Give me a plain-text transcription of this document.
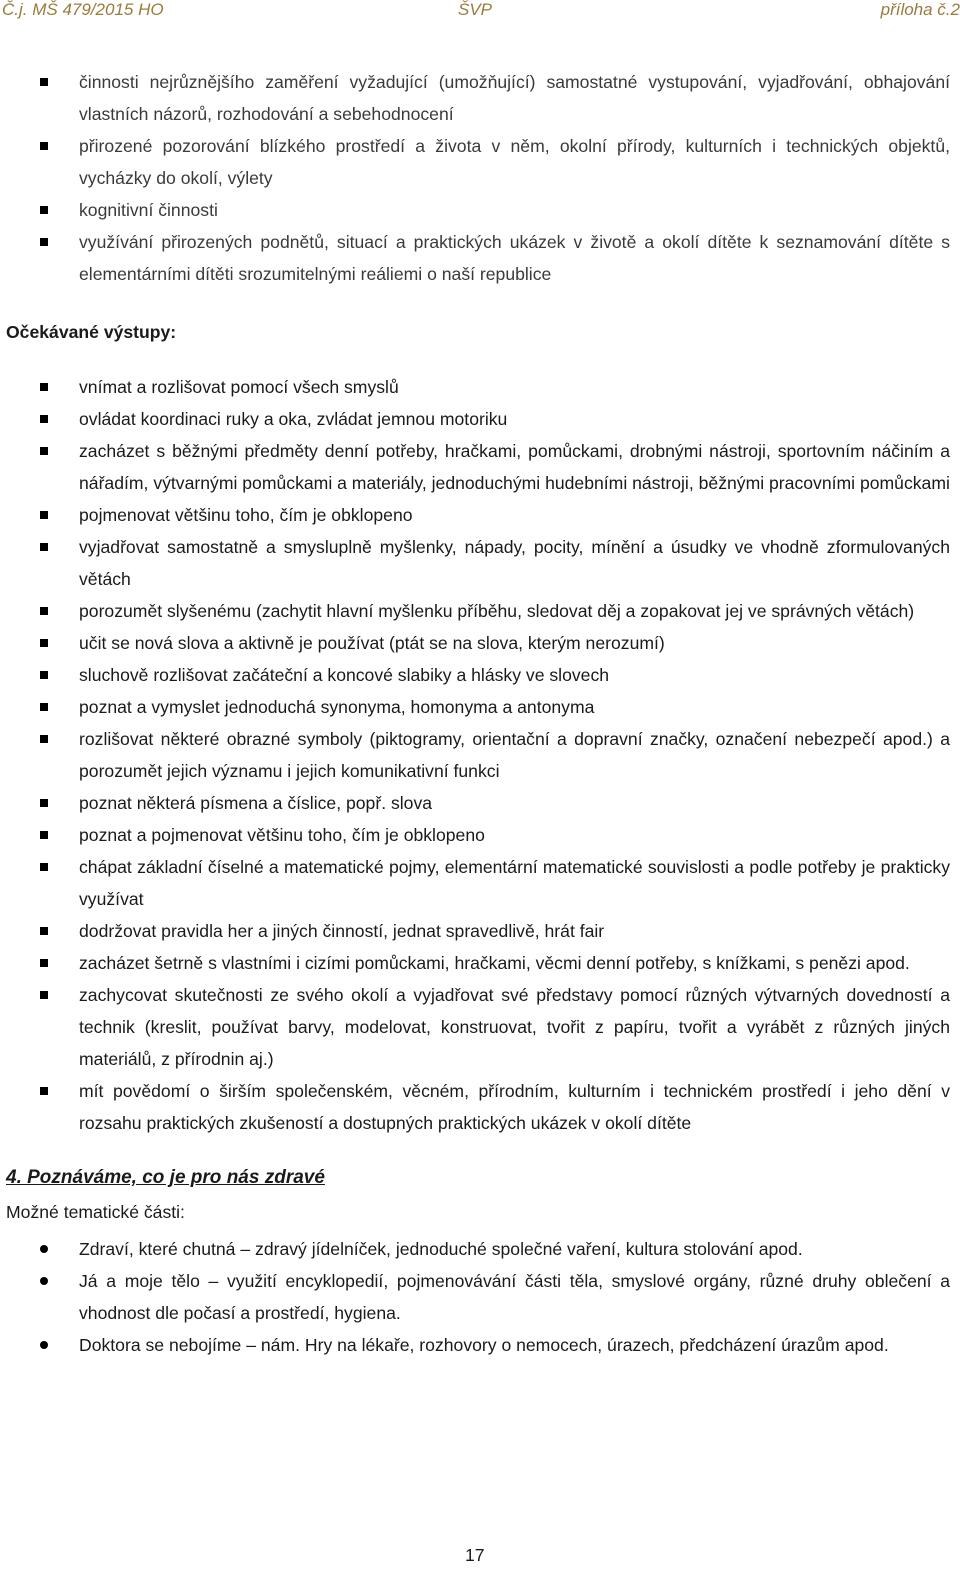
Č.j. MŠ 479/2015 HO	ŠVP	příloha č.2
činnosti nejrůznějšího zaměření vyžadující (umožňující) samostatné vystupování, vyjadřování, obhajování vlastních názorů, rozhodování a sebehodnocení
přirozené pozorování blízkého prostředí a života v něm, okolní přírody, kulturních i technických objektů, vycházky do okolí, výlety
kognitivní činnosti
využívání přirozených podnětů, situací a praktických ukázek v životě a okolí dítěte k seznamování dítěte s elementárními dítěti srozumitelnými reáliemi o naší republice
Očekávané výstupy:
vnímat a rozlišovat pomocí všech smyslů
ovládat koordinaci ruky a oka, zvládat jemnou motoriku
zacházet s běžnými předměty denní potřeby, hračkami, pomůckami, drobnými nástroji, sportovním náčiním a nářadím, výtvarnými pomůckami a materiály, jednoduchými hudebními nástroji, běžnými pracovními pomůckami
pojmenovat většinu toho, čím je obklopeno
vyjadřovat samostatně a smysluplně myšlenky, nápady, pocity, mínění a úsudky ve vhodně zformulovaných větách
porozumět slyšenému (zachytit hlavní myšlenku příběhu, sledovat děj a zopakovat jej ve správných větách)
učit se nová slova a aktivně je používat (ptát se na slova, kterým nerozumí)
sluchově rozlišovat začáteční a koncové slabiky a hlásky ve slovech
poznat a vymyslet jednoduchá synonyma, homonyma a antonyma
rozlišovat některé obrazné symboly (piktogramy, orientační a dopravní značky, označení nebezpečí apod.) a porozumět jejich významu i jejich komunikativní funkci
poznat některá písmena a číslice, popř. slova
poznat a pojmenovat většinu toho, čím je obklopeno
chápat základní číselné a matematické pojmy, elementární matematické souvislosti a podle potřeby je prakticky využívat
dodržovat pravidla her a jiných činností, jednat spravedlivě, hrát fair
zacházet šetrně s vlastními i cizími pomůckami, hračkami, věcmi denní potřeby, s knížkami, s penězi apod.
zachycovat skutečnosti ze svého okolí a vyjadřovat své představy pomocí různých výtvarných dovedností a technik (kreslit, používat barvy, modelovat, konstruovat, tvořit z papíru, tvořit a vyrábět z různých jiných materiálů, z přírodnin aj.)
mít povědomí o širším společenském, věcném, přírodním, kulturním i technickém prostředí i jeho dění v rozsahu praktických zkušeností a dostupných praktických ukázek v okolí dítěte
4. Poznáváme, co je pro nás zdravé
Možné tematické části:
Zdraví, které chutná – zdravý jídelníček, jednoduché společné vaření, kultura stolování apod.
Já a moje tělo – využití encyklopedií, pojmenovávání části těla, smyslové orgány, různé druhy oblečení a vhodnost dle počasí a prostředí, hygiena.
Doktora se nebojíme – nám. Hry na lékaře, rozhovory o nemocech, úrazech, předcházení úrazům apod.
17
